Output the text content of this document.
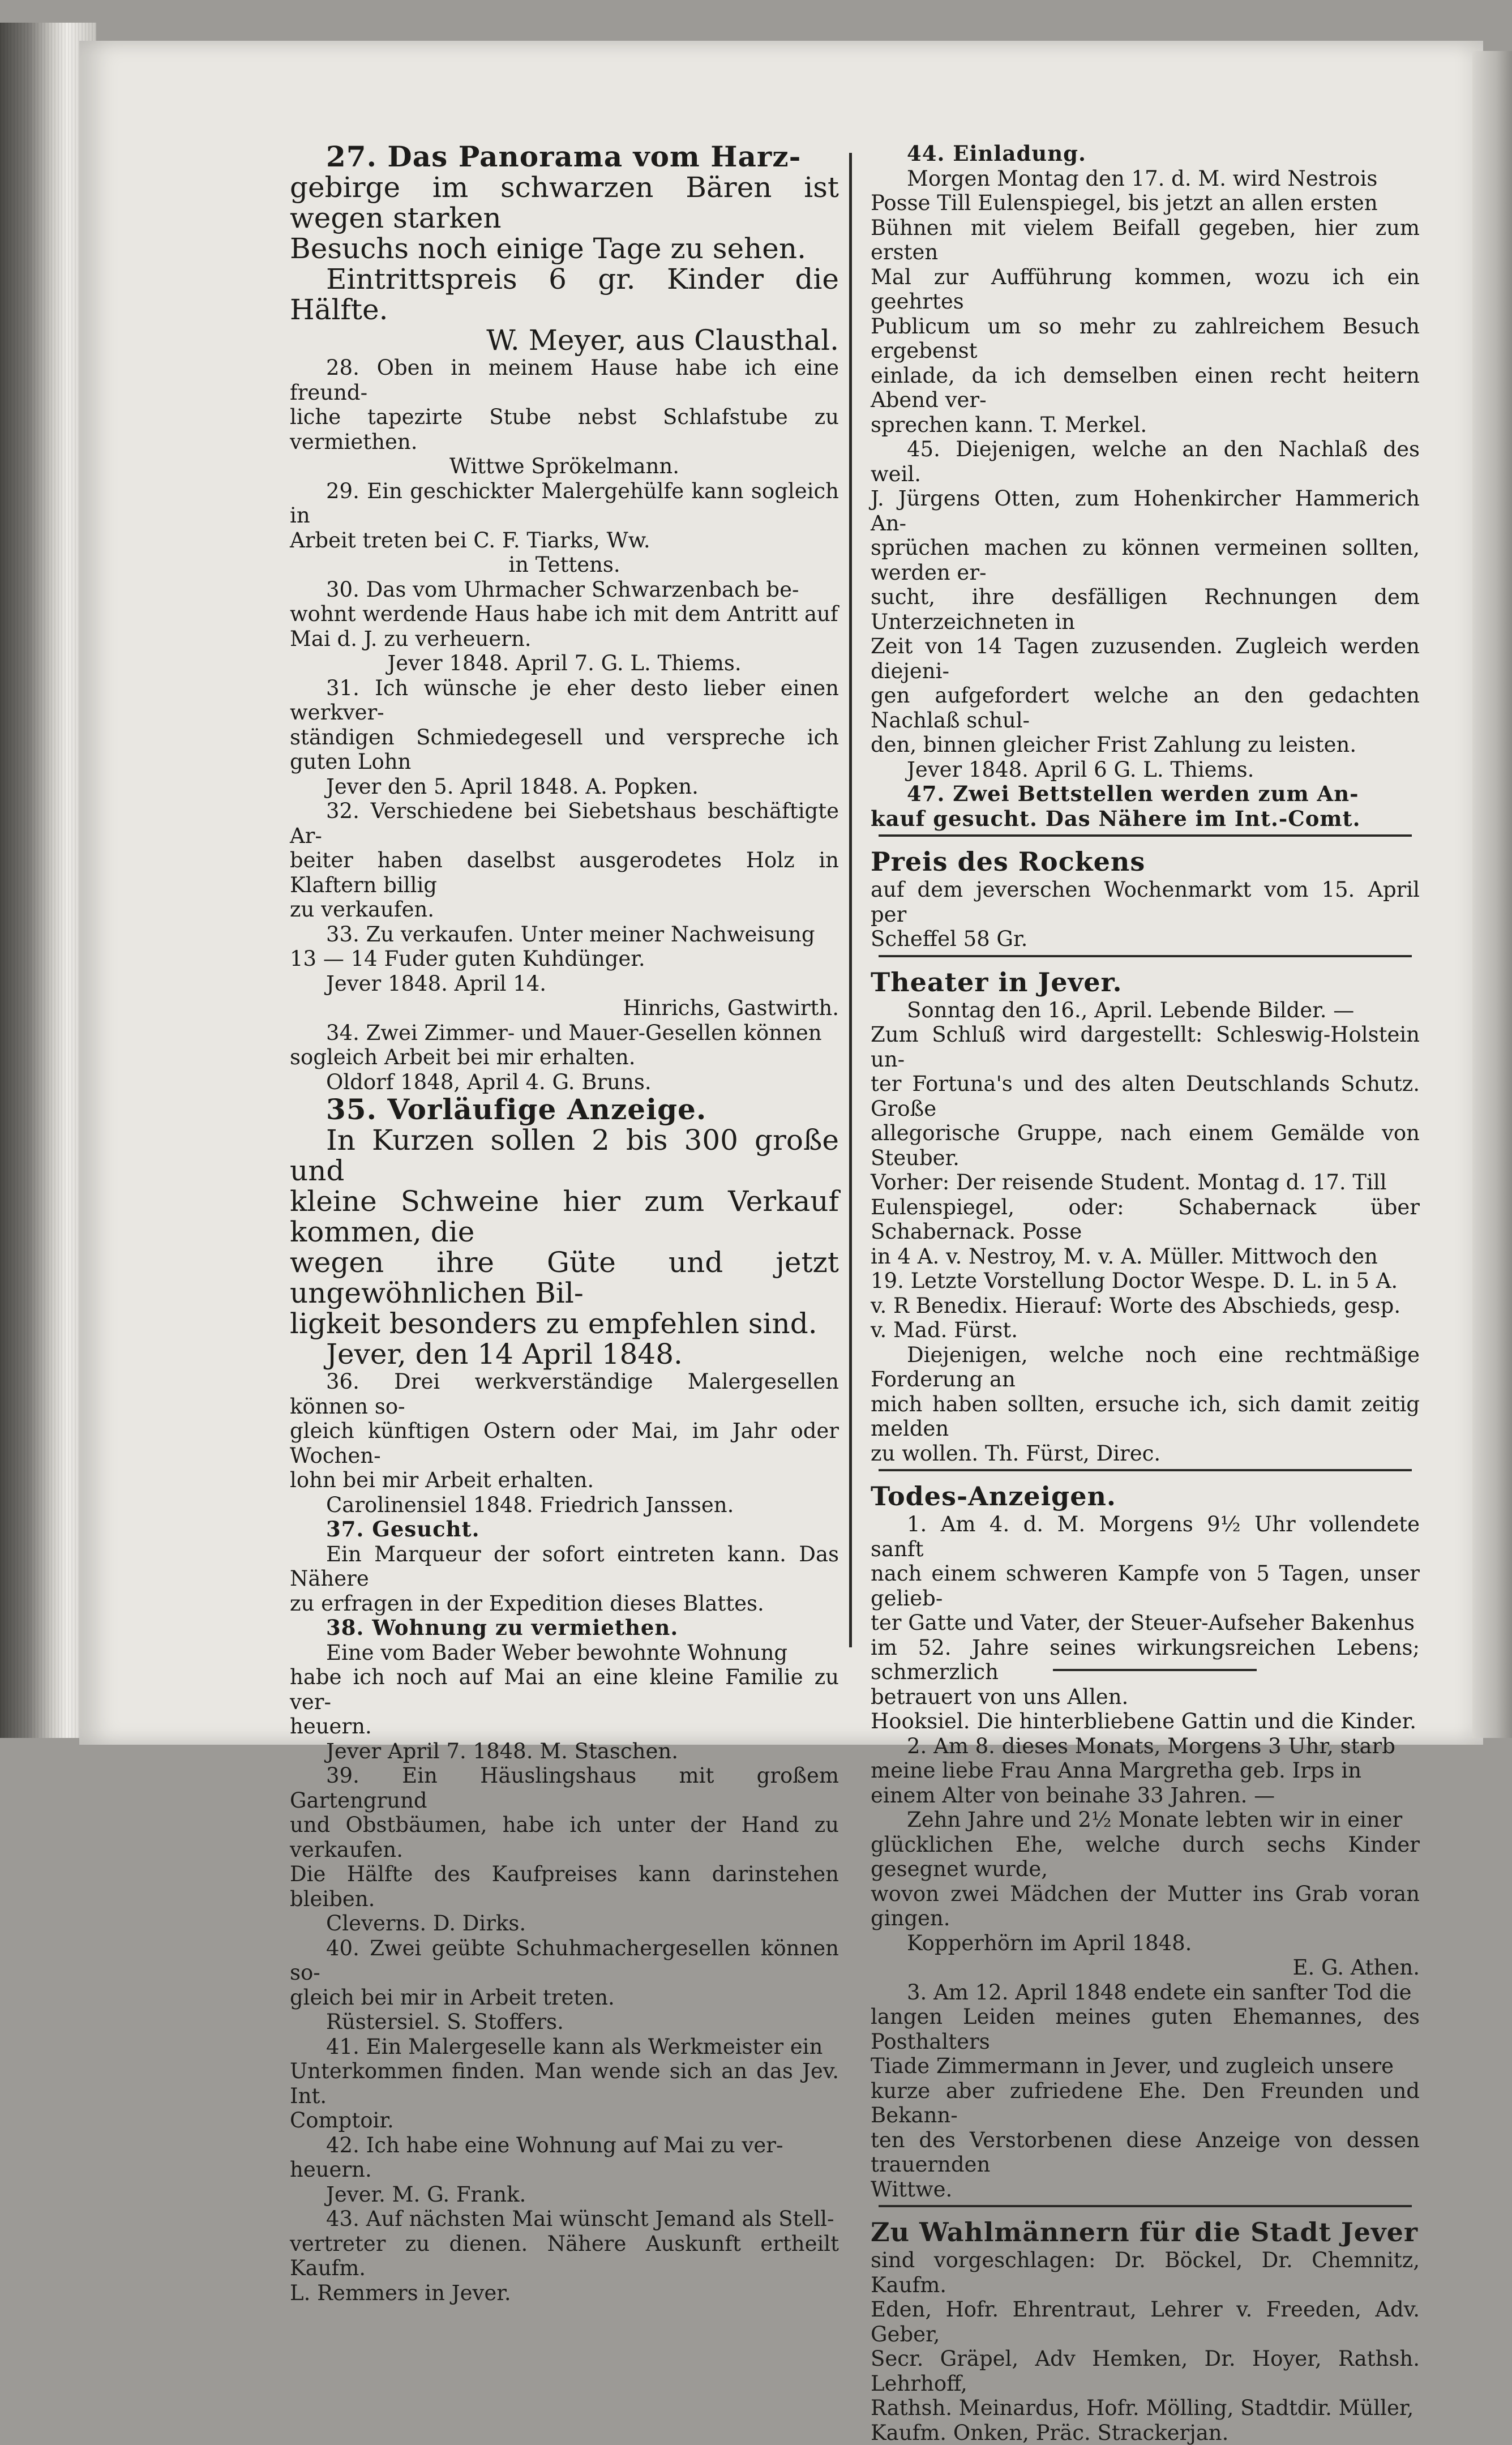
27. Das Panorama vom Harz-

gebirge im schwarzen Bären ist wegen starken

Besuchs noch einige Tage zu sehen.

Eintrittspreis 6 gr. Kinder die Hälfte.

W. Meyer, aus Clausthal.

28. Oben in meinem Hause habe ich eine freund-

liche tapezirte Stube nebst Schlafstube zu vermiethen.

Wittwe Sprökelmann.

29. Ein geschickter Malergehülfe kann sogleich in

Arbeit treten bei C. F. Tiarks, Ww.

in Tettens.

30. Das vom Uhrmacher Schwarzenbach be-

wohnt werdende Haus habe ich mit dem Antritt auf

Mai d. J. zu verheuern.

Jever 1848. April 7. G. L. Thiems.

31. Ich wünsche je eher desto lieber einen werkver-

ständigen Schmiedegesell und verspreche ich guten Lohn

Jever den 5. April 1848. A. Popken.

32. Verschiedene bei Siebetshaus beschäftigte Ar-

beiter haben daselbst ausgerodetes Holz in Klaftern billig

zu verkaufen.

33. Zu verkaufen. Unter meiner Nachweisung

13 — 14 Fuder guten Kuhdünger.

Jever 1848. April 14.

Hinrichs, Gastwirth.

34. Zwei Zimmer- und Mauer-Gesellen können

sogleich Arbeit bei mir erhalten.

Oldorf 1848, April 4. G. Bruns.

35. Vorläufige Anzeige.

In Kurzen sollen 2 bis 300 große und

kleine Schweine hier zum Verkauf kommen, die

wegen ihre Güte und jetzt ungewöhnlichen Bil-

ligkeit besonders zu empfehlen sind.

Jever, den 14 April 1848.

36. Drei werkverständige Malergesellen können so-

gleich künftigen Ostern oder Mai, im Jahr oder Wochen-

lohn bei mir Arbeit erhalten.

Carolinensiel 1848. Friedrich Janssen.

37. Gesucht.

Ein Marqueur der sofort eintreten kann. Das Nähere

zu erfragen in der Expedition dieses Blattes.

38. Wohnung zu vermiethen.

Eine vom Bader Weber bewohnte Wohnung

habe ich noch auf Mai an eine kleine Familie zu ver-

heuern.

Jever April 7. 1848. M. Staschen.

39. Ein Häuslingshaus mit großem Gartengrund

und Obstbäumen, habe ich unter der Hand zu verkaufen.

Die Hälfte des Kaufpreises kann darinstehen bleiben.

Cleverns. D. Dirks.

40. Zwei geübte Schuhmachergesellen können so-

gleich bei mir in Arbeit treten.

Rüstersiel. S. Stoffers.

41. Ein Malergeselle kann als Werkmeister ein

Unterkommen finden. Man wende sich an das Jev. Int.

Comptoir.

42. Ich habe eine Wohnung auf Mai zu ver-

heuern.

Jever. M. G. Frank.

43. Auf nächsten Mai wünscht Jemand als Stell-

vertreter zu dienen. Nähere Auskunft ertheilt Kaufm.

L. Remmers in Jever.

44. Einladung.

Morgen Montag den 17. d. M. wird Nestrois

Posse Till Eulenspiegel, bis jetzt an allen ersten

Bühnen mit vielem Beifall gegeben, hier zum ersten

Mal zur Aufführung kommen, wozu ich ein geehrtes

Publicum um so mehr zu zahlreichem Besuch ergebenst

einlade, da ich demselben einen recht heitern Abend ver-

sprechen kann. T. Merkel.

45. Diejenigen, welche an den Nachlaß des weil.

J. Jürgens Otten, zum Hohenkircher Hammerich An-

sprüchen machen zu können vermeinen sollten, werden er-

sucht, ihre desfälligen Rechnungen dem Unterzeichneten in

Zeit von 14 Tagen zuzusenden. Zugleich werden diejeni-

gen aufgefordert welche an den gedachten Nachlaß schul-

den, binnen gleicher Frist Zahlung zu leisten.

Jever 1848. April 6 G. L. Thiems.

47. Zwei Bettstellen werden zum An-

kauf gesucht. Das Nähere im Int.-Comt.

Preis des Rockens

auf dem jeverschen Wochenmarkt vom 15. April per

Scheffel 58 Gr.

Theater in Jever.

Sonntag den 16., April. Lebende Bilder. —

Zum Schluß wird dargestellt: Schleswig-Holstein un-

ter Fortuna's und des alten Deutschlands Schutz. Große

allegorische Gruppe, nach einem Gemälde von Steuber.

Vorher: Der reisende Student. Montag d. 17. Till

Eulenspiegel, oder: Schabernack über Schabernack. Posse

in 4 A. v. Nestroy, M. v. A. Müller. Mittwoch den

19. Letzte Vorstellung Doctor Wespe. D. L. in 5 A.

v. R Benedix. Hierauf: Worte des Abschieds, gesp.

v. Mad. Fürst.

Diejenigen, welche noch eine rechtmäßige Forderung an

mich haben sollten, ersuche ich, sich damit zeitig melden

zu wollen. Th. Fürst, Direc.

Todes-Anzeigen.

1. Am 4. d. M. Morgens 9½ Uhr vollendete sanft

nach einem schweren Kampfe von 5 Tagen, unser gelieb-

ter Gatte und Vater, der Steuer-Aufseher Bakenhus

im 52. Jahre seines wirkungsreichen Lebens; schmerzlich

betrauert von uns Allen.

Hooksiel. Die hinterbliebene Gattin und die Kinder.

2. Am 8. dieses Monats, Morgens 3 Uhr, starb

meine liebe Frau Anna Margretha geb. Irps in

einem Alter von beinahe 33 Jahren. —

Zehn Jahre und 2½ Monate lebten wir in einer

glücklichen Ehe, welche durch sechs Kinder gesegnet wurde,

wovon zwei Mädchen der Mutter ins Grab voran gingen.

Kopperhörn im April 1848.

E. G. Athen.

3. Am 12. April 1848 endete ein sanfter Tod die

langen Leiden meines guten Ehemannes, des Posthalters

Tiade Zimmermann in Jever, und zugleich unsere

kurze aber zufriedene Ehe. Den Freunden und Bekann-

ten des Verstorbenen diese Anzeige von dessen trauernden

Wittwe.

Zu Wahlmännern für die Stadt Jever

sind vorgeschlagen: Dr. Böckel, Dr. Chemnitz, Kaufm.

Eden, Hofr. Ehrentraut, Lehrer v. Freeden, Adv. Geber,

Secr. Gräpel, Adv Hemken, Dr. Hoyer, Rathsh. Lehrhoff,

Rathsh. Meinardus, Hofr. Mölling, Stadtdir. Müller,

Kaufm. Onken, Präc. Strackerjan.
